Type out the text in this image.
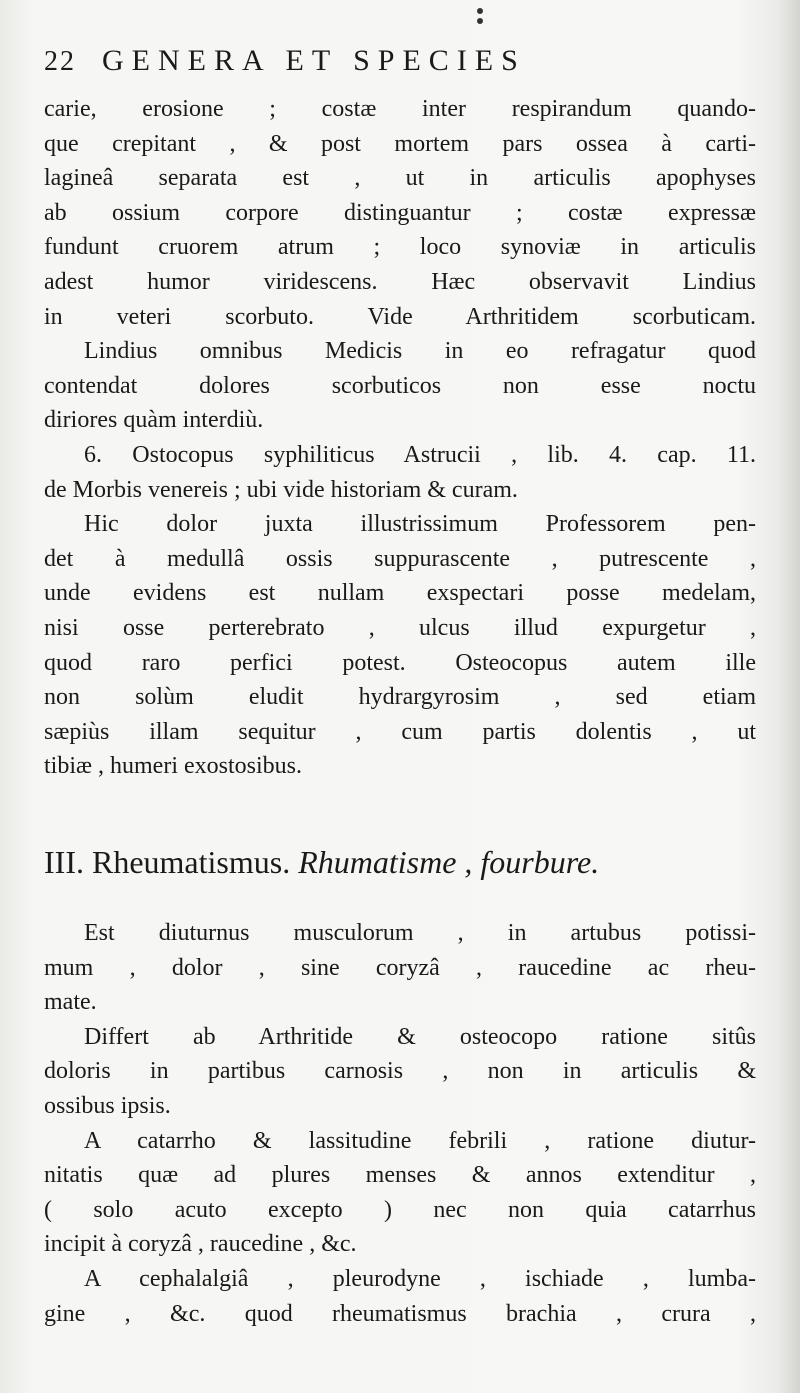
22 GENERA ET SPECIES
carie, erosione ; costæ inter respirandum quando-
que crepitant , & post mortem pars ossea à carti-
lagineâ separata est , ut in articulis apophyses
ab ossium corpore distinguantur ; costæ expressæ
fundunt cruorem atrum ; loco synoviæ in articulis
adest humor viridescens. Hæc observavit Lindius
in veteri scorbuto. Vide Arthritidem scorbuticam.
Lindius omnibus Medicis in eo refragatur quod
contendat dolores scorbuticos non esse noctu
diriores quàm interdiù.
6. Ostocopus syphiliticus Astrucii , lib. 4. cap. 11.
de Morbis venereis ; ubi vide historiam & curam.
Hic dolor juxta illustrissimum Professorem pen-
det à medullâ ossis suppurascente , putrescente ,
unde evidens est nullam exspectari posse medelam,
nisi osse perterebrato , ulcus illud expurgetur ,
quod raro perfici potest. Osteocopus autem ille
non solùm eludit hydrargyrosim , sed etiam
sæpiùs illam sequitur , cum partis dolentis , ut
tibiæ , humeri exostosibus.
III. Rheumatismus. Rhumatisme , fourbure.
Est diuturnus musculorum , in artubus potissi-
mum , dolor , sine coryzâ , raucedine ac rheu-
mate.
Differt ab Arthritide & osteocopo ratione sitûs
doloris in partibus carnosis , non in articulis &
ossibus ipsis.
A catarrho & lassitudine febrili , ratione diutur-
nitatis quæ ad plures menses & annos extenditur ,
( solo acuto excepto ) nec non quia catarrhus
incipit à coryzâ , raucedine , &c.
A cephalalgiâ , pleurodyne , ischiade , lumba-
gine , &c. quod rheumatismus brachia , crura ,
